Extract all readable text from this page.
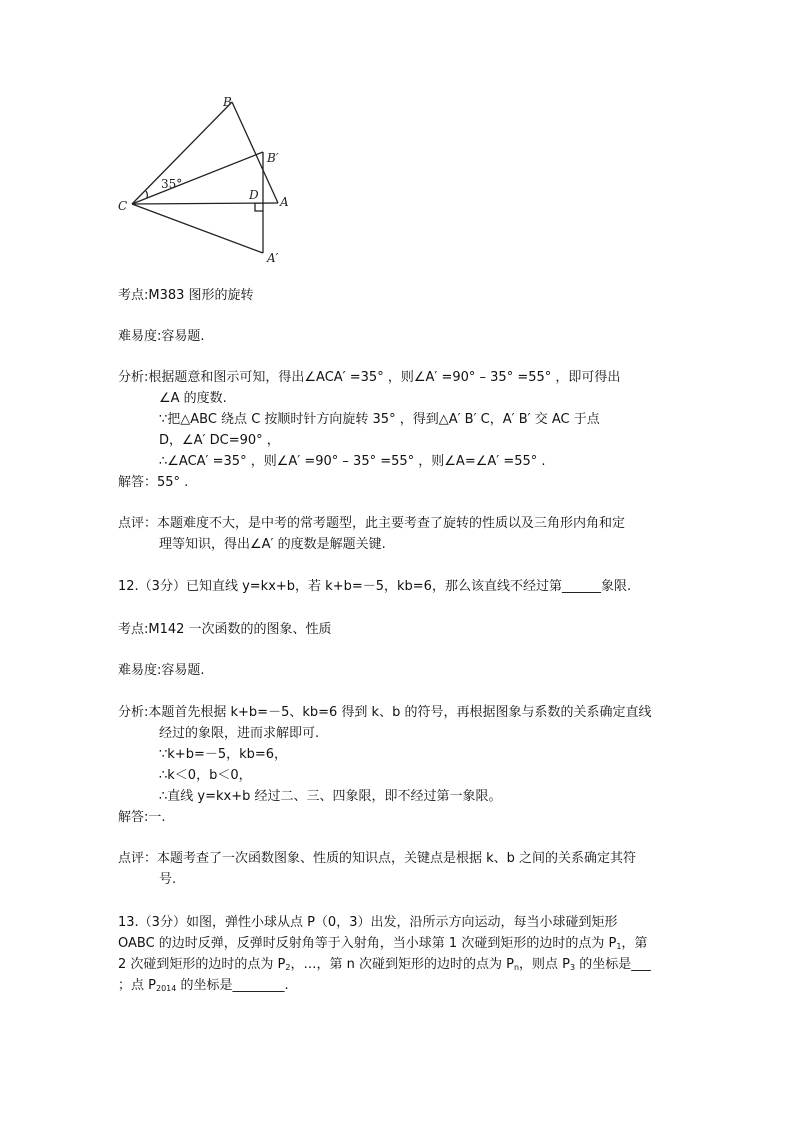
B
B′
C
D A
A′
35°
考点:M383 图形的旋转
难易度:容易题.
分析:根据题意和图示可知，得出∠ACA′ =35° ，则∠A′ =90° – 35° =55° ，即可得出
∠A 的度数.
∵把△ABC 绕点 C 按顺时针方向旋转 35° ，得到△A′ B′ C，A′ B′ 交 AC 于点
D，∠A′ DC=90° ，
∴∠ACA′ =35° ，则∠A′ =90° – 35° =55° ，则∠A=∠A′ =55° .
解答：55° .
点评：本题难度不大，是中考的常考题型，此主要考查了旋转的性质以及三角形内角和定
理等知识，得出∠A′ 的度数是解题关键.
12.（3分）已知直线 y=kx+b，若 k+b=－5，kb=6，那么该直线不经过第______象限.
考点:M142 一次函数的的图象、性质
难易度:容易题.
分析:本题首先根据 k+b=－5、kb=6 得到 k、b 的符号，再根据图象与系数的关系确定直线
经过的象限，进而求解即可.
∵k+b=－5，kb=6，
∴k＜0，b＜0，
∴直线 y=kx+b 经过二、三、四象限，即不经过第一象限。
解答:一.
点评：本题考查了一次函数图象、性质的知识点，关键点是根据 k、b 之间的关系确定其符
号.
13.（3分）如图，弹性小球从点 P（0，3）出发，沿所示方向运动，每当小球碰到矩形
OABC 的边时反弹，反弹时反射角等于入射角，当小球第 1 次碰到矩形的边时的点为 $P_1$，第
2 次碰到矩形的边时的点为 $P_2$，…，第 n 次碰到矩形的边时的点为 $P_n$，则点 $P_3$ 的坐标是___
；点 $P_{2014}$ 的坐标是________.
